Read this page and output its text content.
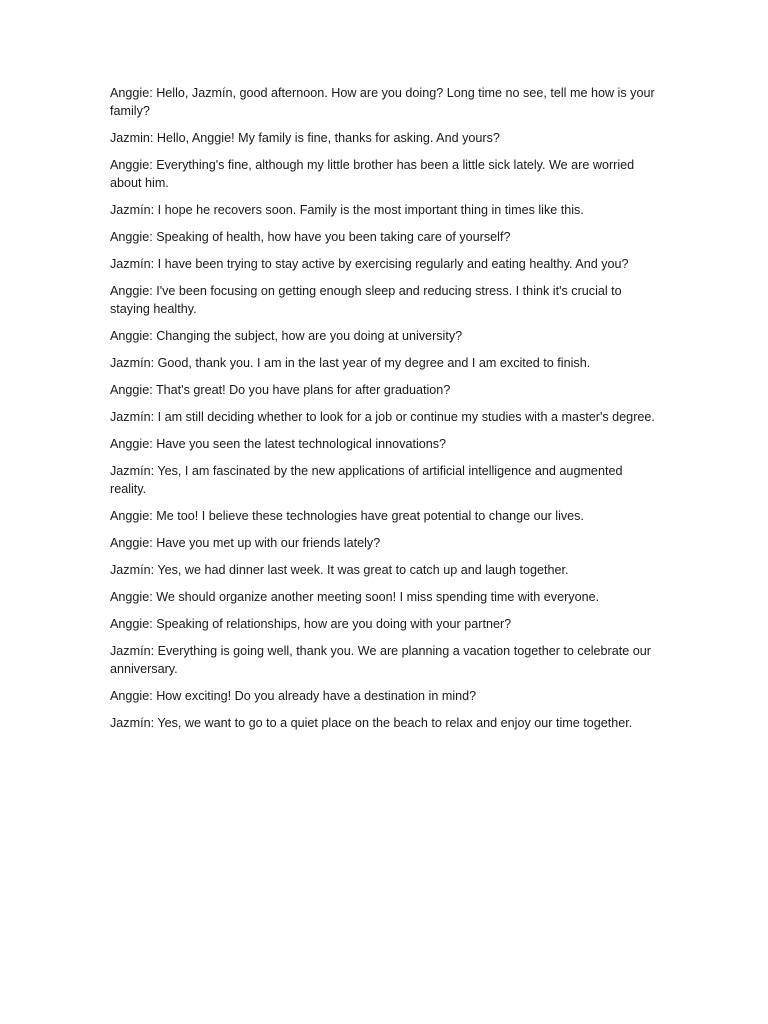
Anggie: Hello, Jazmín, good afternoon. How are you doing? Long time no see, tell me how is your family?

Jazmin: Hello, Anggie! My family is fine, thanks for asking. And yours?

Anggie: Everything's fine, although my little brother has been a little sick lately. We are worried about him.

Jazmín: I hope he recovers soon. Family is the most important thing in times like this.

Anggie: Speaking of health, how have you been taking care of yourself?

Jazmín: I have been trying to stay active by exercising regularly and eating healthy. And you?

Anggie: I've been focusing on getting enough sleep and reducing stress. I think it's crucial to staying healthy.

Anggie: Changing the subject, how are you doing at university?

Jazmín: Good, thank you. I am in the last year of my degree and I am excited to finish.

Anggie: That's great! Do you have plans for after graduation?

Jazmín: I am still deciding whether to look for a job or continue my studies with a master's degree.

Anggie: Have you seen the latest technological innovations?

Jazmín: Yes, I am fascinated by the new applications of artificial intelligence and augmented reality.

Anggie: Me too! I believe these technologies have great potential to change our lives.

Anggie: Have you met up with our friends lately?

Jazmín: Yes, we had dinner last week. It was great to catch up and laugh together.

Anggie: We should organize another meeting soon! I miss spending time with everyone.

Anggie: Speaking of relationships, how are you doing with your partner?

Jazmín: Everything is going well, thank you. We are planning a vacation together to celebrate our anniversary.

Anggie: How exciting! Do you already have a destination in mind?

Jazmín: Yes, we want to go to a quiet place on the beach to relax and enjoy our time together.
